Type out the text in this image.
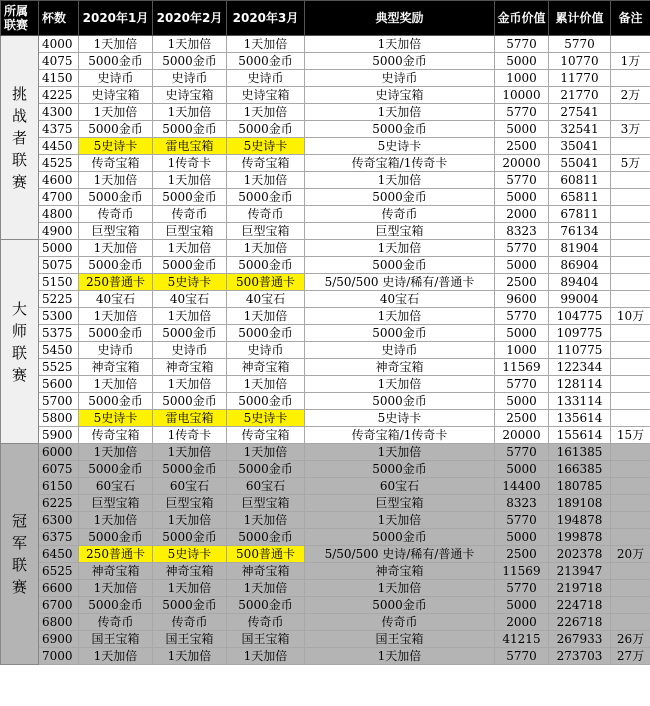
所属联赛	杯数	2020年1月	2020年2月	2020年3月	典型奖励	金币价值	累计价值	备注
挑战者联赛	4000	1天加倍	1天加倍	1天加倍	1天加倍	5770	5770	
	4075	5000金币	5000金币	5000金币	5000金币	5000	10770	1万
	4150	史诗币	史诗币	史诗币	史诗币	1000	11770	
	4225	史诗宝箱	史诗宝箱	史诗宝箱	史诗宝箱	10000	21770	2万
	4300	1天加倍	1天加倍	1天加倍	1天加倍	5770	27541	
	4375	5000金币	5000金币	5000金币	5000金币	5000	32541	3万
	4450	5史诗卡	雷电宝箱	5史诗卡	5史诗卡	2500	35041	
	4525	传奇宝箱	1传奇卡	传奇宝箱	传奇宝箱/1传奇卡	20000	55041	5万
	4600	1天加倍	1天加倍	1天加倍	1天加倍	5770	60811	
	4700	5000金币	5000金币	5000金币	5000金币	5000	65811	
	4800	传奇币	传奇币	传奇币	传奇币	2000	67811	
	4900	巨型宝箱	巨型宝箱	巨型宝箱	巨型宝箱	8323	76134	
大师联赛	5000	1天加倍	1天加倍	1天加倍	1天加倍	5770	81904	
	5075	5000金币	5000金币	5000金币	5000金币	5000	86904	
	5150	250普通卡	5史诗卡	500普通卡	5/50/500 史诗/稀有/普通卡	2500	89404	
	5225	40宝石	40宝石	40宝石	40宝石	9600	99004	
	5300	1天加倍	1天加倍	1天加倍	1天加倍	5770	104775	10万
	5375	5000金币	5000金币	5000金币	5000金币	5000	109775	
	5450	史诗币	史诗币	史诗币	史诗币	1000	110775	
	5525	神奇宝箱	神奇宝箱	神奇宝箱	神奇宝箱	11569	122344	
	5600	1天加倍	1天加倍	1天加倍	1天加倍	5770	128114	
	5700	5000金币	5000金币	5000金币	5000金币	5000	133114	
	5800	5史诗卡	雷电宝箱	5史诗卡	5史诗卡	2500	135614	
	5900	传奇宝箱	1传奇卡	传奇宝箱	传奇宝箱/1传奇卡	20000	155614	15万
冠军联赛	6000	1天加倍	1天加倍	1天加倍	1天加倍	5770	161385	
	6075	5000金币	5000金币	5000金币	5000金币	5000	166385	
	6150	60宝石	60宝石	60宝石	60宝石	14400	180785	
	6225	巨型宝箱	巨型宝箱	巨型宝箱	巨型宝箱	8323	189108	
	6300	1天加倍	1天加倍	1天加倍	1天加倍	5770	194878	
	6375	5000金币	5000金币	5000金币	5000金币	5000	199878	
	6450	250普通卡	5史诗卡	500普通卡	5/50/500 史诗/稀有/普通卡	2500	202378	20万
	6525	神奇宝箱	神奇宝箱	神奇宝箱	神奇宝箱	11569	213947	
	6600	1天加倍	1天加倍	1天加倍	1天加倍	5770	219718	
	6700	5000金币	5000金币	5000金币	5000金币	5000	224718	
	6800	传奇币	传奇币	传奇币	传奇币	2000	226718	
	6900	国王宝箱	国王宝箱	国王宝箱	国王宝箱	41215	267933	26万
	7000	1天加倍	1天加倍	1天加倍	1天加倍	5770	273703	27万
